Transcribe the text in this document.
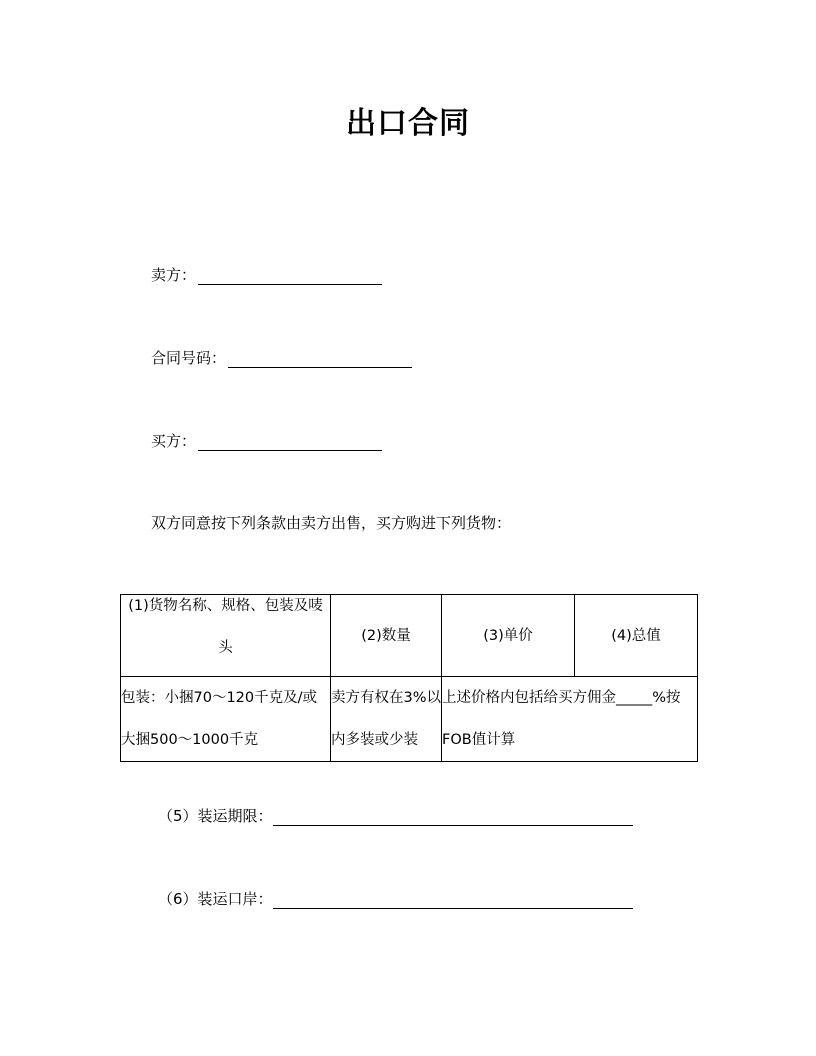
出口合同
卖方：
合同号码：
买方：
双方同意按下列条款由卖方出售，买方购进下列货物：
(1)货物名称、规格、包装及唛
头	(2)数量	(3)单价	(4)总值

包装：小捆70～120千克及/或
大捆500～1000千克	卖方有权在3%以
内多装或少装	上述价格内包括给买方佣金_____%按
FOB值计算	
（5）装运期限：
（6）装运口岸：
